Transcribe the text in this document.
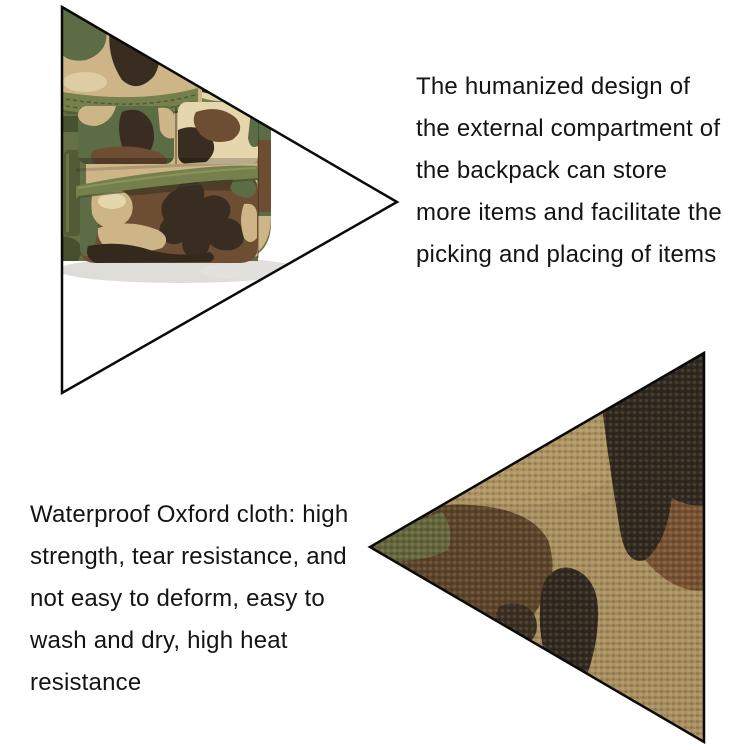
The humanized design of
the external compartment of
the backpack can store
more items and facilitate the
picking and placing of items
Waterproof Oxford cloth: high
strength, tear resistance, and
not easy to deform, easy to
wash and dry, high heat
resistance
